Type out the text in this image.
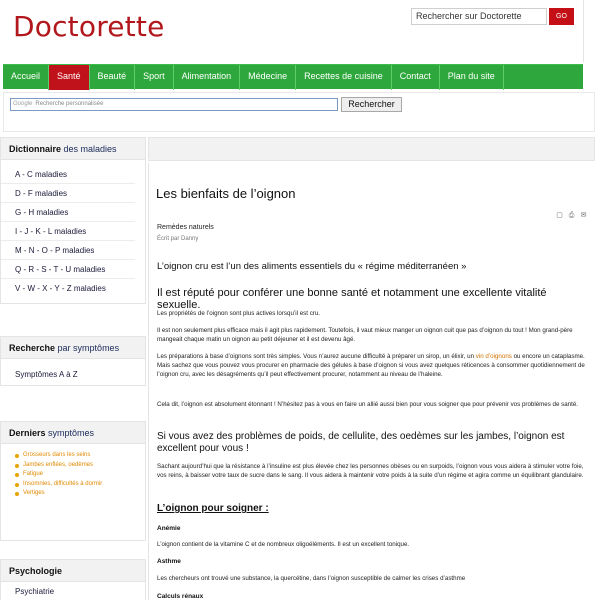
Doctorette	Rechercher sur Doctorette	GO
Accueil	Santé	Beauté	Sport	Alimentation	Médecine	Recettes de cuisine	Contact	Plan du site
Google Recherche personnalisée	Rechercher
Dictionnaire des maladies
A - C maladies
D - F maladies
G - H maladies
I - J - K - L maladies
M - N - O - P maladies
Q - R - S - T - U maladies
V - W - X - Y - Z maladies
Recherche par symptômes
Symptômes A à Z
Derniers symptômes
Grosseurs dans les seins
Jambes enflées, oedèmes
Fatigue
Insomnies, difficultés à dormir
Vertiges
Psychologie
Psychiatrie
Les bienfaits de l’oignon
▢ ⎙ ✉
Remèdes naturels
Écrit par Danny
L’oignon cru est l’un des aliments essentiels du « régime méditerranéen »
Il est réputé pour conférer une bonne santé et notamment une excellente vitalité sexuelle.
Les propriétés de l’oignon sont plus actives lorsqu’il est cru.
Il est non seulement plus efficace mais il agit plus rapidement. Toutefois, il vaut mieux manger un oignon cuit que pas d’oignon du tout ! Mon grand-père mangeait chaque matin un oignon au petit déjeuner et il est devenu âgé.
Les préparations à base d’oignons sont très simples. Vous n’aurez aucune difficulté à préparer un sirop, un élixir, un vin d’oignons ou encore un cataplasme. Mais sachez que vous pouvez vous procurer en pharmacie des gélules à base d’oignon si vous avez quelques réticences à consommer quotidiennement de l’oignon cru, avec les désagréments qu’il peut effectivement procurer, notamment au niveau de l’haleine.
Cela dit, l’oignon est absolument étonnant ! N’hésitez pas à vous en faire un allié aussi bien pour vous soigner que pour prévenir vos problèmes de santé.
Si vous avez des problèmes de poids, de cellulite, des oedèmes sur les jambes, l’oignon est excellent pour vous !
Sachant aujourd’hui que la résistance à l’insuline est plus élevée chez les personnes obèses ou en surpoids, l’oignon vous vous aidera à stimuler votre foie, vos reins, à baisser votre taux de sucre dans le sang. Il vous aidera à maintenir votre poids à la suite d’un régime et agira comme un équilibrant glandulaire.
L’oignon pour soigner :
Anémie
L’oignon contient de la vitamine C et de nombreux oligoéléments. Il est un excellent tonique.
Asthme
Les chercheurs ont trouvé une substance, la quercétine, dans l’oignon susceptible de calmer les crises d’asthme
Calculs rénaux
